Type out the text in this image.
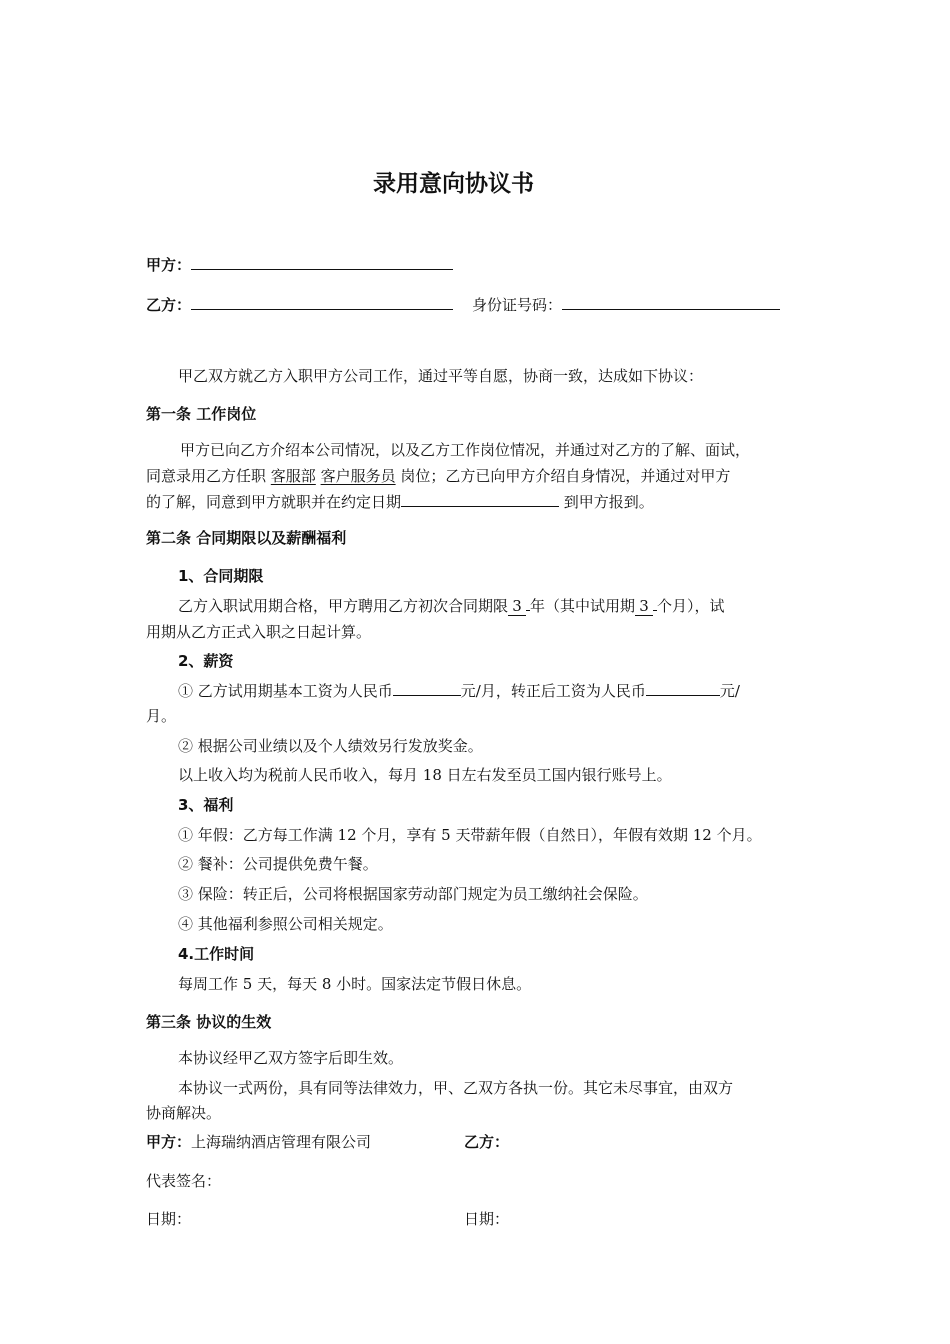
录用意向协议书
甲方：
乙方：	身份证号码：
甲乙双方就乙方入职甲方公司工作，通过平等自愿，协商一致，达成如下协议：
第一条 工作岗位
甲方已向乙方介绍本公司情况，以及乙方工作岗位情况，并通过对乙方的了解、面试，
同意录用乙方任职 客服部 客户服务员 岗位；乙方已向甲方介绍自身情况，并通过对甲方
的了解，同意到甲方就职并在约定日期	到甲方报到。
第二条 合同期限以及薪酬福利
1、合同期限
乙方入职试用期合格，甲方聘用乙方初次合同期限 3 年（其中试用期 3 个月），试
用期从乙方正式入职之日起计算。
2、薪资
① 乙方试用期基本工资为人民币	元/月，转正后工资为人民币	元/
月。
② 根据公司业绩以及个人绩效另行发放奖金。
以上收入均为税前人民币收入，每月 18 日左右发至员工国内银行账号上。
3、福利
① 年假：乙方每工作满 12 个月，享有 5 天带薪年假（自然日），年假有效期 12 个月。
② 餐补：公司提供免费午餐。
③ 保险：转正后，公司将根据国家劳动部门规定为员工缴纳社会保险。
④ 其他福利参照公司相关规定。
4.工作时间
每周工作 5 天，每天 8 小时。国家法定节假日休息。
第三条 协议的生效
本协议经甲乙双方签字后即生效。
本协议一式两份，具有同等法律效力，甲、乙双方各执一份。其它未尽事宜，由双方
协商解决。
甲方：上海瑞纳酒店管理有限公司	乙方：
代表签名：
日期：	日期：
